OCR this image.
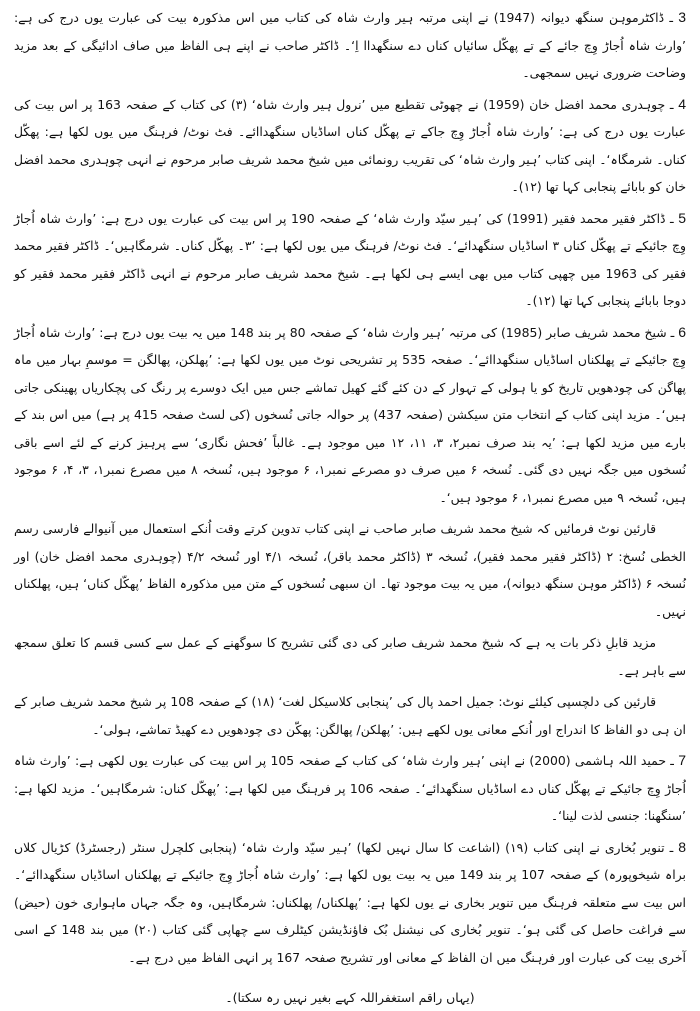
3 ـ ڈاکٹرموہن سنگھ دیوانہ (1947) نے اپنی مرتبہ ہیر وارث شاہ کی کتاب میں اس مذکورہ بیت کی عبارت یوں درج کی ہے: ’وارث شاہ اُجاڑ وِچ جائے کے تے پھکّل سائیاں کناں دے سنگھداا اِ‘۔ ڈاکٹر صاحب نے اپنے ہی الفاظ میں صاف ادائیگی کے بعد مزید وضاحت ضروری نہیں سمجھی۔

4 ـ چوہدری محمد افضل خان (1959) نے چھوٹی تقطیع میں ’نرول ہیر وارث شاہ‘ (۳) کی کتاب کے صفحہ 163 پر اس بیت کی عبارت یوں درج کی ہے: ’وارث شاہ اُجاڑ وِچ جاکے تے پھکّل کناں اساڈیاں سنگھداائے۔ فٹ نوٹ/ فرہنگ میں یوں لکھا ہے: پھکّل کناں۔ شرمگاہ‘۔ اپنی کتاب ’ہیر وارث شاہ‘ کی تقریب رونمائی میں شیخ محمد شریف صابر مرحوم نے انہی چوہدری محمد افضل خان کو بابائے پنجابی کہا تھا (۱۲)۔

5 ـ ڈاکٹر فقیر محمد فقیر (1991) کی ’ہیر سیّد وارث شاہ‘ کے صفحہ 190 پر اس بیت کی عبارت یوں درج ہے: ’وارث شاہ اُجاڑ وِچ جائیکے تے پھکّل کناں ۳ اساڈیاں سنگھدائے‘۔ فٹ نوٹ/ فرہنگ میں یوں لکھا ہے: ’۳۔ پھکّل کناں۔ شرمگاہیں‘۔ ڈاکٹر فقیر محمد فقیر کی 1963 میں چھپی کتاب میں بھی ایسے ہی لکھا ہے۔ شیخ محمد شریف صابر مرحوم نے انہی ڈاکٹر فقیر محمد فقیر کو دوجا بابائے پنجابی کہا تھا (۱۲)۔

6 ـ شیخ محمد شریف صابر (1985) کی مرتبہ ’ہیر وارث شاہ‘ کے صفحہ 80 پر بند 148 میں یہ بیت یوں درج ہے: ’وارث شاہ اُجاڑ وِچ جائیکے تے پھلکناں اساڈیاں سنگھداائے‘۔ صفحہ 535 پر تشریحی نوٹ میں یوں لکھا ہے: ’پھلکن، پھالگن = موسمِ بہار میں ماہ پھاگن کی چودھویں تاریخ کو یا ہولی کے تہوار کے دن کئے گئے کھیل تماشے جس میں ایک دوسرے پر رنگ کی پچکاریاں پھینکی جاتی ہیں‘۔ مزید اپنی کتاب کے انتخاب متن سیکشن (صفحہ 437) پر حوالہ جاتی نُسخوں (کی لسٹ صفحہ 415 پر ہے) میں اس بند کے بارے میں مزید لکھا ہے: ’یہ بند صرف نمبر۲، ۳، ۱۱، ۱۲ میں موجود ہے۔ غالباً ’فحش نگاری‘ سے پرہیز کرنے کے لئے اسے باقی نُسخوں میں جگہ نہیں دی گئی۔ نُسخہ ۶ میں صرف دو مصرعے نمبر۱، ۶ موجود ہیں، نُسخہ ۸ میں مصرع نمبر۱، ۳، ۴، ۶ موجود ہیں، نُسخہ ۹ میں مصرع نمبر۱، ۶ موجود ہیں‘۔

قارئین نوٹ فرمائیں کہ شیخ محمد شریف صابر صاحب نے اپنی کتاب تدوین کرتے وقت اُنکے استعمال میں آنیوالے فارسی رسم الخطی نُسخ: ۲ (ڈاکٹر فقیر محمد فقیر)، نُسخہ ۳ (ڈاکٹر محمد باقر)، نُسخہ ۴/۱ اور نُسخہ ۴/۲ (چوہدری محمد افضل خان) اور نُسخہ ۶ (ڈاکٹر موہن سنگھ دیوانہ)، میں یہ بیت موجود تھا۔ ان سبھی نُسخوں کے متن میں مذکورہ الفاظ ’پھکّل کناں‘ ہیں، پھلکناں نہیں۔

مزید قابلِ ذکر بات یہ ہے کہ شیخ محمد شریف صابر کی دی گئی تشریح کا سوگھنے کے عمل سے کسی قسم کا تعلق سمجھ سے باہر ہے۔

قارئین کی دلچسپی کیلئے نوٹ: جمیل احمد پال کی ’پنجابی کلاسیکل لغت‘ (۱۸) کے صفحہ 108 پر شیخ محمد شریف صابر کے ان ہی دو الفاظ کا اندراج اور اُنکے معانی یوں لکھے ہیں: ’پھلکن/ پھالگن: پھکّن دی چودھویں دے کھیڈ تماشے، ہولی‘۔

7 ـ حمید اللہ ہاشمی (2000) نے اپنی ’ہیر وارث شاہ‘ کی کتاب کے صفحہ 105 پر اس بیت کی عبارت یوں لکھی ہے: ’وارث شاہ اُجاڑ وِچ جائیکے تے پھکّل کناں دے اساڈیاں سنگھدائے‘۔ صفحہ 106 پر فرہنگ میں لکھا ہے: ’پھکّل کناں: شرمگاہیں‘۔ مزید لکھا ہے: ’سنگھنا: جنسی لذت لینا‘۔

8 ـ تنویر بُخاری نے اپنی کتاب (۱۹) (اشاعت کا سال نہیں لکھا) ’ہیر سیّد وارث شاہ‘ (پنجابی کلچرل سنٹر (رجسٹرڈ) کڑیال کلاں براہ شیخوپورہ) کے صفحہ 107 پر بند 149 میں یہ بیت یوں لکھا ہے: ’وارث شاہ اُجاڑ وِچ جائیکے تے پھلکناں اساڈیاں سنگھداائے‘۔ اس بیت سے متعلقہ فرہنگ میں تنویر بخاری نے یوں لکھا ہے: ’پھلکناں/ پھلکناں: شرمگاہیں، وہ جگہ جہاں ماہواری خون (حیض) سے فراغت حاصل کی گئی ہو‘۔ تنویر بُخاری کی نیشنل بُک فاؤنڈیشن کیٹلرف سے چھاپی گئی کتاب (۲۰) میں بند 148 کے اسی آخری بیت کی عبارت اور فرہنگ میں ان الفاظ کے معانی اور تشریح صفحہ 167 پر انہی الفاظ میں درج ہے۔

(یہاں راقم استغفراللہ کہے بغیر نہیں رہ سکتا)۔
